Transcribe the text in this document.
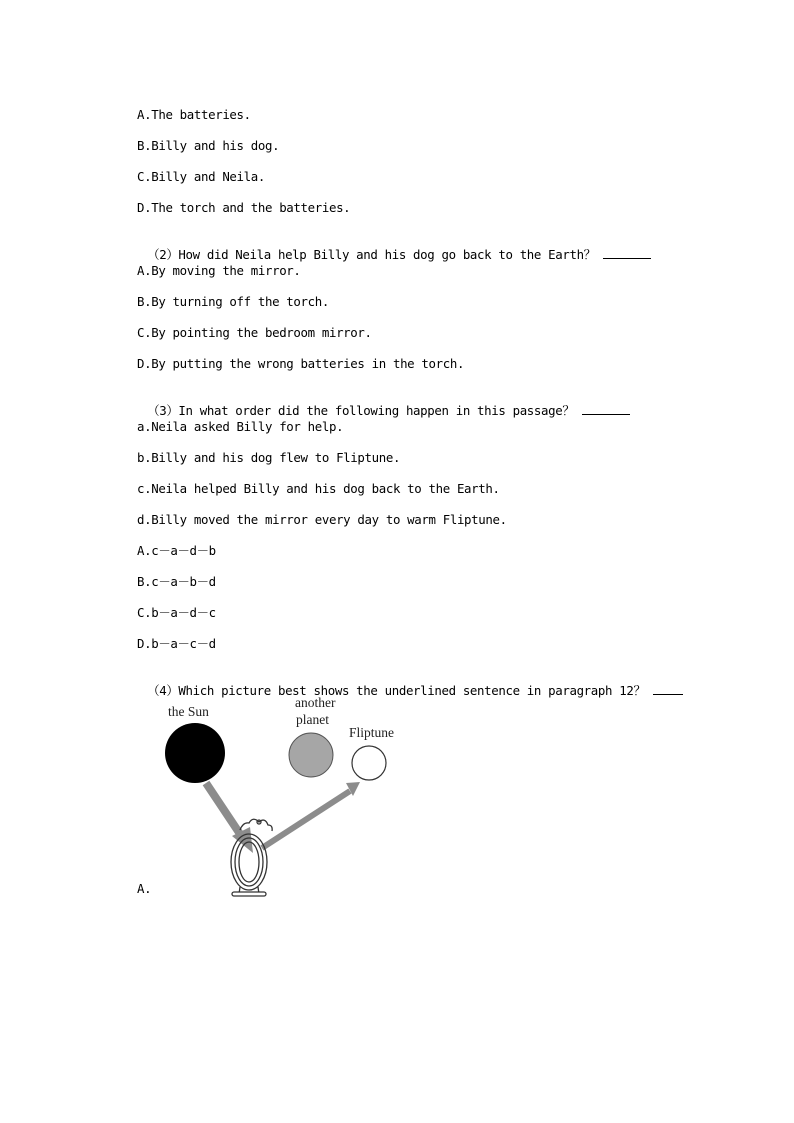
A.The batteries.
B.Billy and his dog.
C.Billy and Neila.
D.The torch and the batteries.

（2）How did Neila help Billy and his dog go back to the Earth？

A.By moving the mirror.
B.By turning off the torch.
C.By pointing the bedroom mirror.
D.By putting the wrong batteries in the torch.

（3）In what order did the following happen in this passage？

a.Neila asked Billy for help.
b.Billy and his dog flew to Fliptune.
c.Neila helped Billy and his dog back to the Earth.
d.Billy moved the mirror every day to warm Fliptune.
A.c－a－d－b
B.c－a－b－d
C.b－a－d－c
D.b－a－c－d

（4）Which picture best shows the underlined sentence in paragraph 12？

the Sun
another
planet
Fliptune
A.
